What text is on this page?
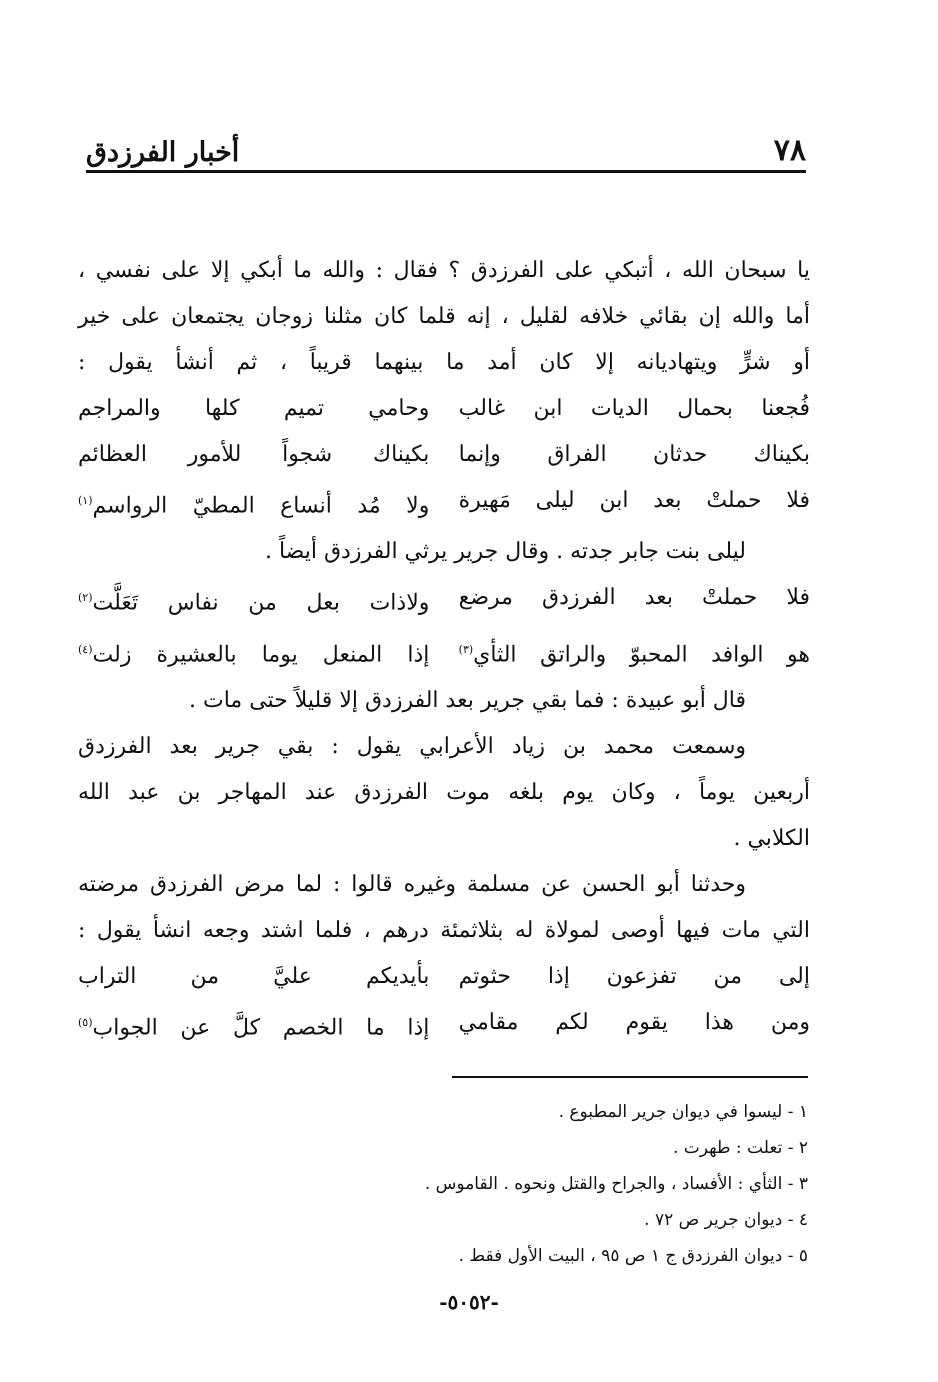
أخبار الفرزدق	٧٨
يا سبحان الله ، أتبكي على الفرزدق ؟ فقال : والله ما أبكي إلا على نفسي ،
أما والله إن بقائي خلافه لقليل ، إنه قلما كان مثلنا زوجان يجتمعان على خير
أو شرٍّ ويتهاديانه إلا كان أمد ما بينهما قريباً ، ثم أنشأ يقول :
فُجعنا بحمال الديات ابن غالب
وحامي تميم كلها والمراجم
بكيناك حدثان الفراق وإنما
بكيناك شجواً للأمور العظائم
فلا حملتْ بعد ابن ليلى مَهيرة
ولا مُد أنساع المطيّ الرواسم$^{(١)}$
ليلى بنت جابر جدته . وقال جرير يرثي الفرزدق أيضاً .
فلا حملتْ بعد الفرزدق مرضع
ولاذات بعل من نفاس تَعَلَّت$^{(٢)}$
هو الوافد المحبوّ والراتق الثأي$^{(٣)}$
إذا المنعل يوما بالعشيرة زلت$^{(٤)}$
قال أبو عبيدة : فما بقي جرير بعد الفرزدق إلا قليلاً حتى مات .
وسمعت محمد بن زياد الأعرابي يقول : بقي جرير بعد الفرزدق
أربعين يوماً ، وكان يوم بلغه موت الفرزدق عند المهاجر بن عبد الله
الكلابي .
وحدثنا أبو الحسن عن مسلمة وغيره قالوا : لما مرض الفرزدق مرضته
التي مات فيها أوصى لمولاة له بثلاثمئة درهم ، فلما اشتد وجعه انشأ يقول :
إلى من تفزعون إذا حثوتم
بأيديكم عليَّ من التراب
ومن هذا يقوم لكم مقامي
إذا ما الخصم كلَّ عن الجواب$^{(٥)}$
١ - ليسوا في ديوان جرير المطبوع .
٢ - تعلت : طهرت .
٣ - الثأي : الأفساد ، والجراح والقتل ونحوه . القاموس .
٤ - ديوان جرير ص ٧٢ .
٥ - ديوان الفرزدق ج ١ ص ٩٥ ، البيت الأول فقط .
-٥٠٥٢-
